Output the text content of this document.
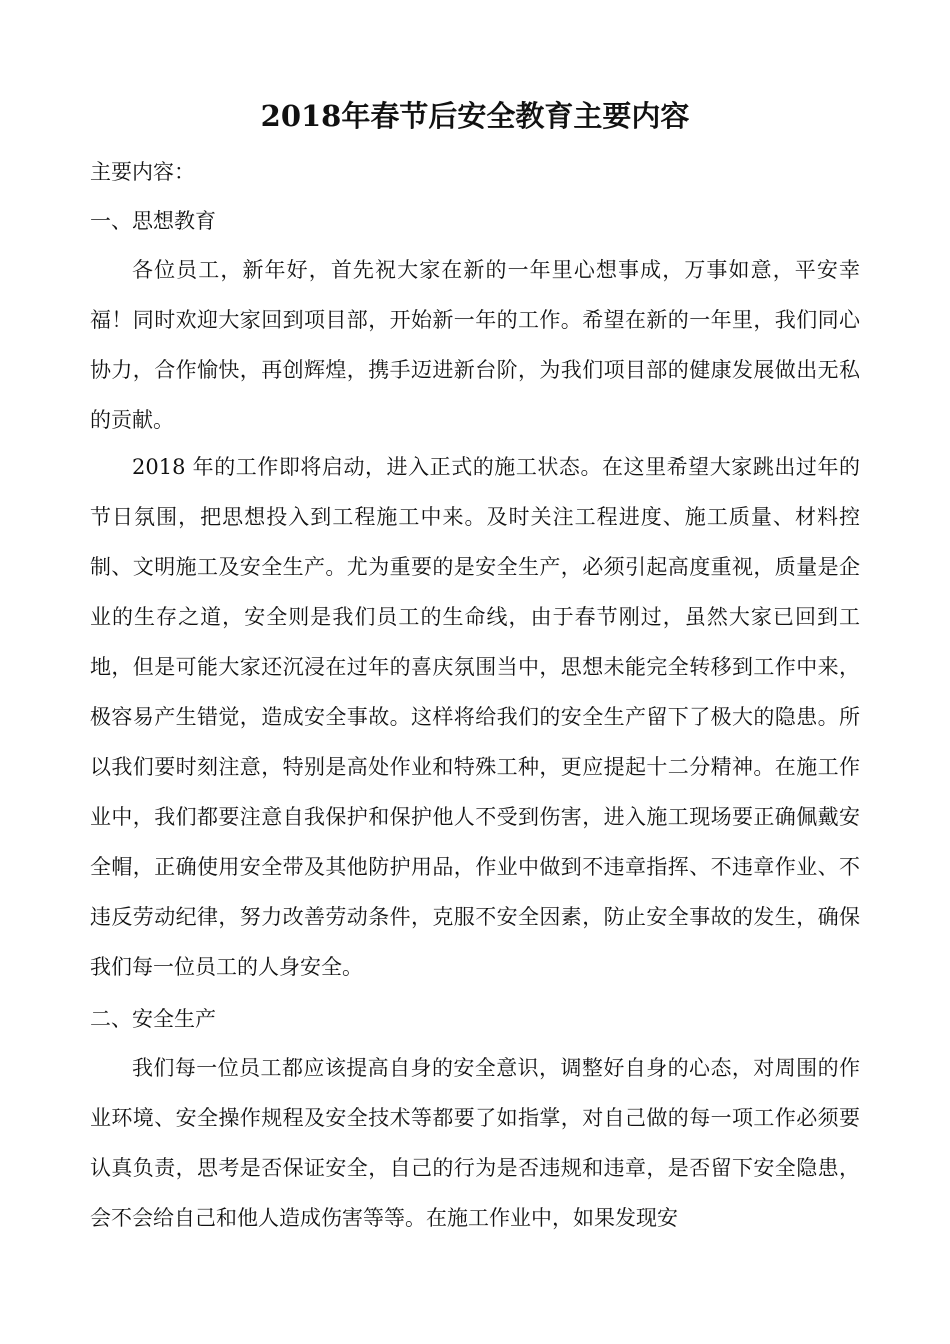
2018年春节后安全教育主要内容

主要内容：

一、思想教育

各位员工，新年好，首先祝大家在新的一年里心想事成，万事如意，平安幸福！同时欢迎大家回到项目部，开始新一年的工作。希望在新的一年里，我们同心协力，合作愉快，再创辉煌，携手迈进新台阶，为我们项目部的健康发展做出无私的贡献。

2018 年的工作即将启动，进入正式的施工状态。在这里希望大家跳出过年的节日氛围，把思想投入到工程施工中来。及时关注工程进度、施工质量、材料控制、文明施工及安全生产。尤为重要的是安全生产，必须引起高度重视，质量是企业的生存之道，安全则是我们员工的生命线，由于春节刚过，虽然大家已回到工地，但是可能大家还沉浸在过年的喜庆氛围当中，思想未能完全转移到工作中来，极容易产生错觉，造成安全事故。这样将给我们的安全生产留下了极大的隐患。所以我们要时刻注意，特别是高处作业和特殊工种，更应提起十二分精神。在施工作业中，我们都要注意自我保护和保护他人不受到伤害，进入施工现场要正确佩戴安全帽，正确使用安全带及其他防护用品，作业中做到不违章指挥、不违章作业、不违反劳动纪律，努力改善劳动条件，克服不安全因素，防止安全事故的发生，确保我们每一位员工的人身安全。

二、安全生产

我们每一位员工都应该提高自身的安全意识，调整好自身的心态，对周围的作业环境、安全操作规程及安全技术等都要了如指掌，对自己做的每一项工作必须要认真负责，思考是否保证安全，自己的行为是否违规和违章，是否留下安全隐患，会不会给自己和他人造成伤害等等。在施工作业中，如果发现安
